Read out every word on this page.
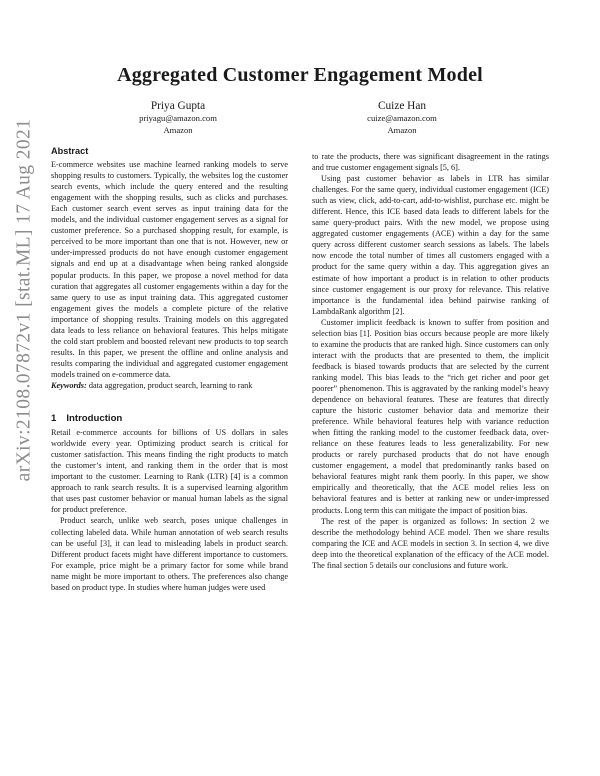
arXiv:2108.07872v1 [stat.ML] 17 Aug 2021
Aggregated Customer Engagement Model
Priya Gupta
priyagu@amazon.com
Amazon
Cuize Han
cuize@amazon.com
Amazon
Abstract

E-commerce websites use machine learned ranking models to serve shopping results to customers. Typically, the websites log the customer search events, which include the query entered and the resulting engagement with the shopping results, such as clicks and purchases. Each customer search event serves as input training data for the models, and the individual customer engagement serves as a signal for customer preference. So a purchased shopping result, for example, is perceived to be more important than one that is not. However, new or under-impressed products do not have enough customer engagement signals and end up at a disadvantage when being ranked alongside popular products. In this paper, we propose a novel method for data curation that aggregates all customer engagements within a day for the same query to use as input training data. This aggregated customer engagement gives the models a complete picture of the relative importance of shopping results. Training models on this aggregated data leads to less reliance on behavioral features. This helps mitigate the cold start problem and boosted relevant new products to top search results. In this paper, we present the offline and online analysis and results comparing the individual and aggregated customer engagement models trained on e-commerce data.

Keywords: data aggregation, product search, learning to rank

1 Introduction

Retail e-commerce accounts for billions of US dollars in sales worldwide every year. Optimizing product search is critical for customer satisfaction. This means finding the right products to match the customer’s intent, and ranking them in the order that is most important to the customer. Learning to Rank (LTR) [4] is a common approach to rank search results. It is a supervised learning algorithm that uses past customer behavior or manual human labels as the signal for product preference.

Product search, unlike web search, poses unique challenges in collecting labeled data. While human annotation of web search results can be useful [3], it can lead to misleading labels in product search. Different product facets might have different importance to customers. For example, price might be a primary factor for some while brand name might be more important to others. The preferences also change based on product type. In studies where human judges were used

to rate the products, there was significant disagreement in the ratings and true customer engagement signals [5, 6].

Using past customer behavior as labels in LTR has similar challenges. For the same query, individual customer engagement (ICE) such as view, click, add-to-cart, add-to-wishlist, purchase etc. might be different. Hence, this ICE based data leads to different labels for the same query-product pairs. With the new model, we propose using aggregated customer engagements (ACE) within a day for the same query across different customer search sessions as labels. The labels now encode the total number of times all customers engaged with a product for the same query within a day. This aggregation gives an estimate of how important a product is in relation to other products since customer engagement is our proxy for relevance. This relative importance is the fundamental idea behind pairwise ranking of LambdaRank algorithm [2].

Customer implicit feedback is known to suffer from position and selection bias [1]. Position bias occurs because people are more likely to examine the products that are ranked high. Since customers can only interact with the products that are presented to them, the implicit feedback is biased towards products that are selected by the current ranking model. This bias leads to the “rich get richer and poor get poorer” phenomenon. This is aggravated by the ranking model’s heavy dependence on behavioral features. These are features that directly capture the historic customer behavior data and memorize their preference. While behavioral features help with variance reduction when fitting the ranking model to the customer feedback data, over-reliance on these features leads to less generalizability. For new products or rarely purchased products that do not have enough customer engagement, a model that predominantly ranks based on behavioral features might rank them poorly. In this paper, we show empirically and theoretically, that the ACE model relies less on behavioral features and is better at ranking new or under-impressed products. Long term this can mitigate the impact of position bias.

The rest of the paper is organized as follows: In section 2 we describe the methodology behind ACE model. Then we share results comparing the ICE and ACE models in section 3. In section 4, we dive deep into the theoretical explanation of the efficacy of the ACE model. The final section 5 details our conclusions and future work.
